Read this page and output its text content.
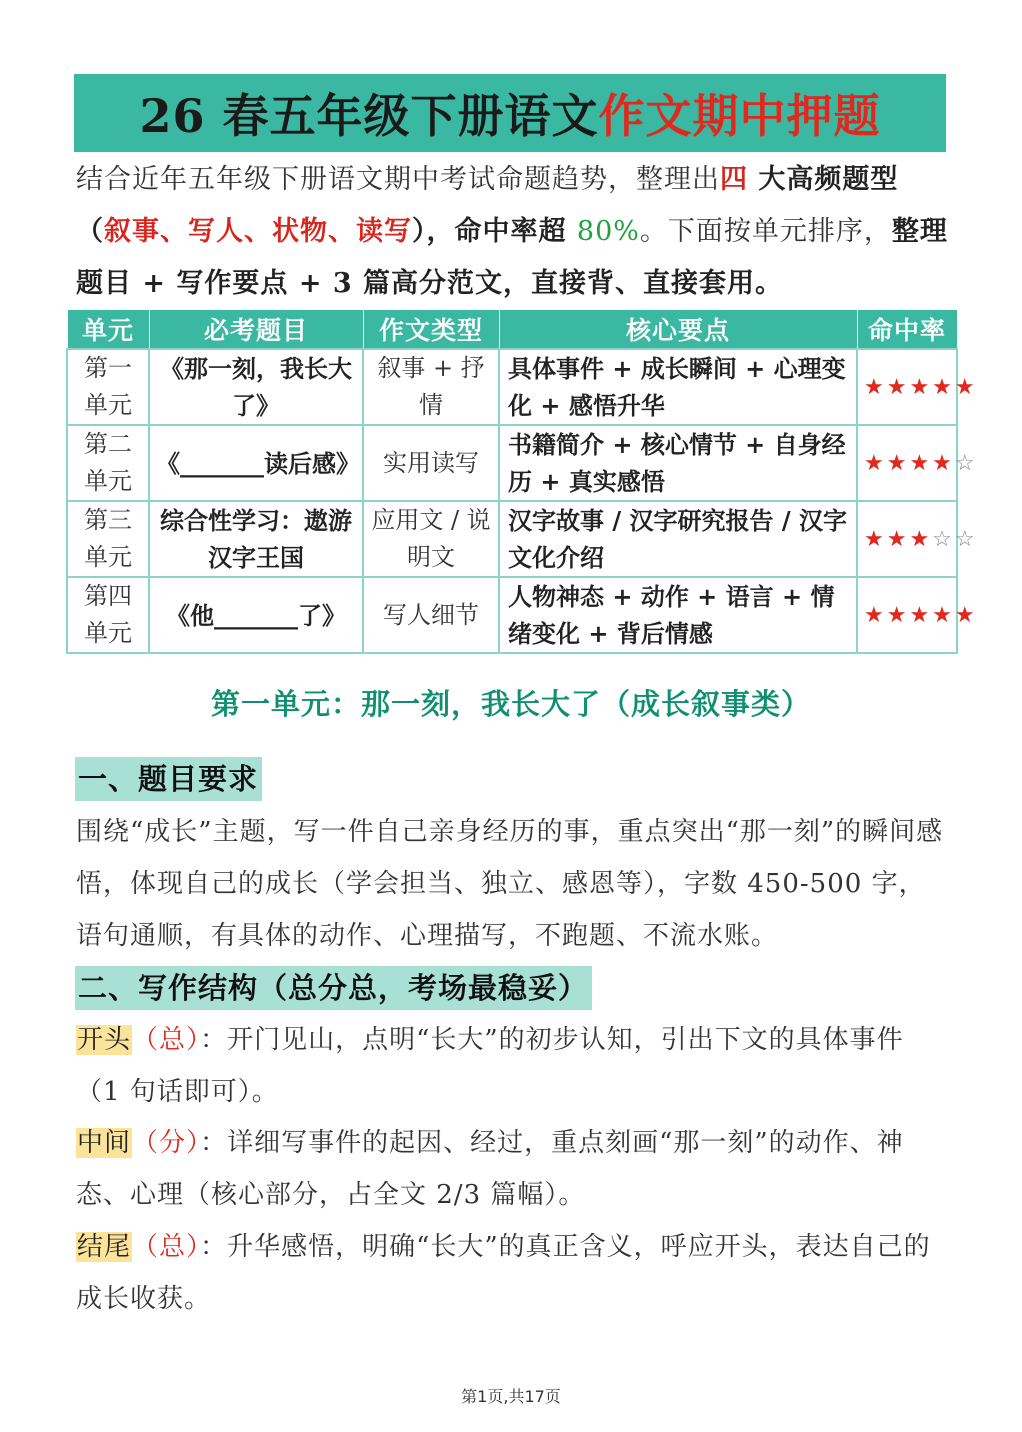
26 春五年级下册语文 作文期中押题
结合近年五年级下册语文期中考试命题趋势，整理出四 大高频题型（叙事、写人、状物、读写），命中率超 80%。下面按单元排序，整理题目 + 写作要点 + 3 篇高分范文，直接背、直接套用。
单元	必考题目	作文类型	核心要点	命中率
第一单元	《那一刻，我长大了》	叙事 + 抒情	具体事件 + 成长瞬间 + 心理变化 + 感悟升华	★★★★★
第二单元	《_______读后感》	实用读写	书籍简介 + 核心情节 + 自身经历 + 真实感悟	★★★★☆
第三单元	综合性学习：遨游汉字王国	应用文 / 说明文	汉字故事 / 汉字研究报告 / 汉字文化介绍	★★★☆☆
第四单元	《他_______了》	写人细节	人物神态 + 动作 + 语言 + 情绪变化 + 背后情感	★★★★★
第一单元：那一刻，我长大了（成长叙事类）
一、题目要求
围绕“成长”主题，写一件自己亲身经历的事，重点突出“那一刻”的瞬间感悟，体现自己的成长（学会担当、独立、感恩等），字数 450-500 字，语句通顺，有具体的动作、心理描写，不跑题、不流水账。
二、写作结构（总分总，考场最稳妥）
开头（总）：开门见山，点明“长大”的初步认知，引出下文的具体事件（1 句话即可）。
中间（分）：详细写事件的起因、经过，重点刻画“那一刻”的动作、神态、心理（核心部分，占全文 2/3 篇幅）。
结尾（总）：升华感悟，明确“长大”的真正含义，呼应开头，表达自己的成长收获。
第1页,共17页
